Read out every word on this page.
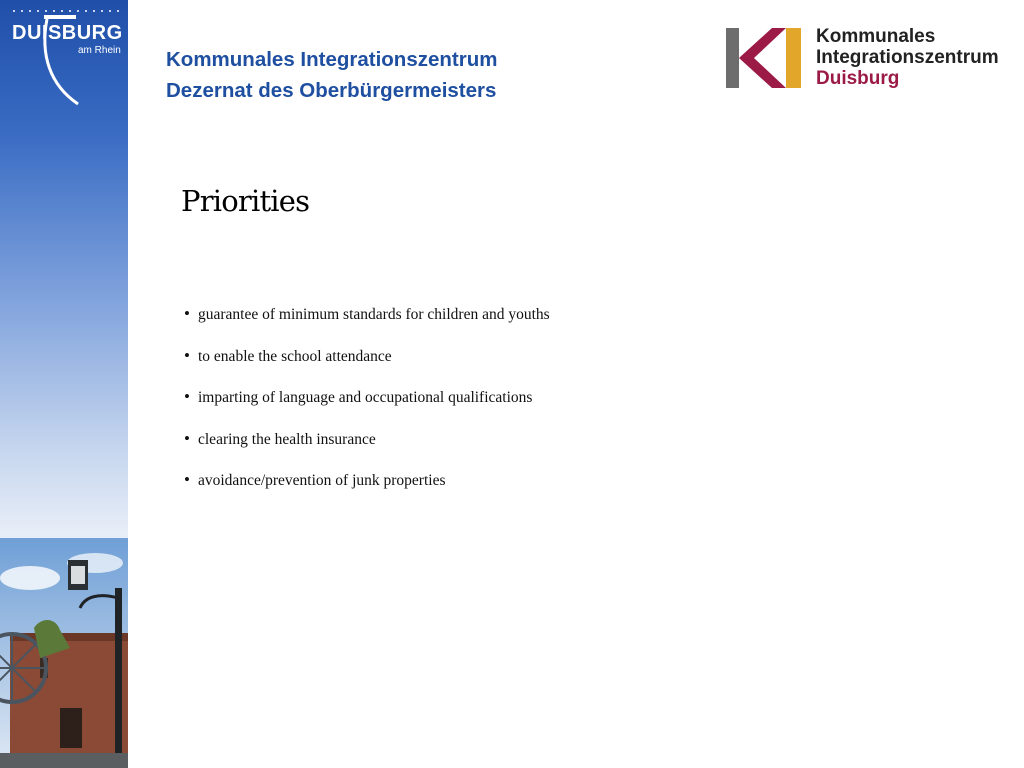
DUISBURG
am Rhein Kommunales Integrationszentrum
Dezernat des Oberbürgermeisters
Kommunales
Integrationszentrum
Duisburg
Priorities
• guarantee of minimum standards for children and youths
• to enable the school attendance
• imparting of language and occupational qualifications
• clearing the health insurance
• avoidance/prevention of junk properties
